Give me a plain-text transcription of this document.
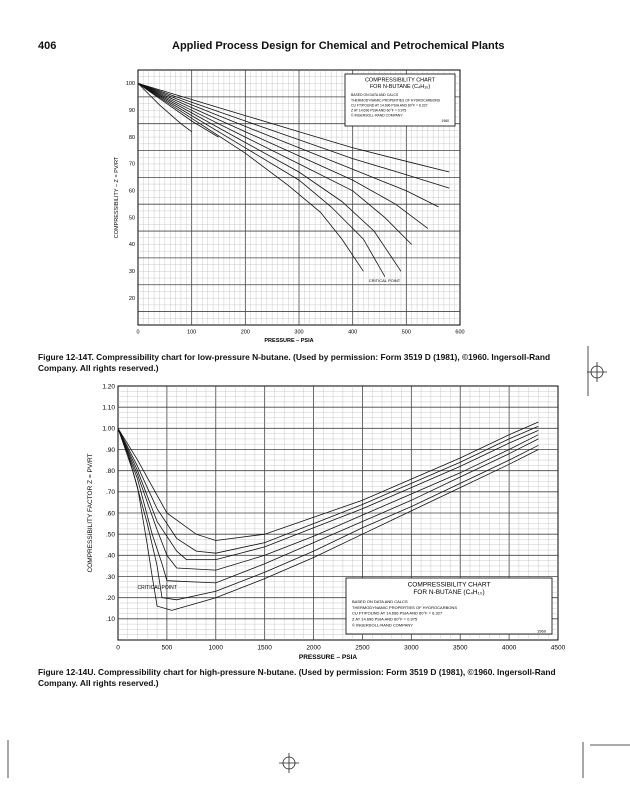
406	Applied Process Design for Chemical and Petrochemical Plants
0	100	200	300	400	500	600
20
30
40
50
60
70
80
90
100
PRESSURE – PSIA
COMPRESSIBILITY – Z = PV/RT
CRITICAL POINT
COMPRESSIBILITY CHART
FOR N-BUTANE (C₄H₁₀)
BASED ON DATA AND CALCS
THERMODYNAMIC PROPERTIES OF HYDROCARBONS
CU FT/POUND AT 14.696 PSIA AND 60°F = 6.327
Z AT 14.696 PSIA AND 60°F = 0.975
© INGERSOLL-RAND COMPANY
1960
0	500	1000	1500	2000	2500	3000	3500	4000	4500
.10
.20
.30
.40
.50
.60
.70
.80
.90
1.00
1.10
1.20
PRESSURE – PSIA
COMPRESSIBILITY FACTOR Z = PV/RT
CRITICAL POINT	COMPRESSIBILITY CHART
FOR N-BUTANE (C₄H₁₀)
BASED ON DATA AND CALCS
THERMODYNAMIC PROPERTIES OF HYDROCARBONS
CU FT/POUND AT 14.696 PSIA AND 60°F = 6.327
Z AT 14.696 PSIA AND 60°F = 0.975
© INGERSOLL-RAND COMPANY
1960
Figure 12-14T. Compressibility chart for low-pressure N-butane. (Used by permission: Form 3519 D (1981), ©1960. Ingersoll-Rand Company. All rights reserved.)
Figure 12-14U. Compressibility chart for high-pressure N-butane. (Used by permission: Form 3519 D (1981), ©1960. Ingersoll-Rand Company. All rights reserved.)
